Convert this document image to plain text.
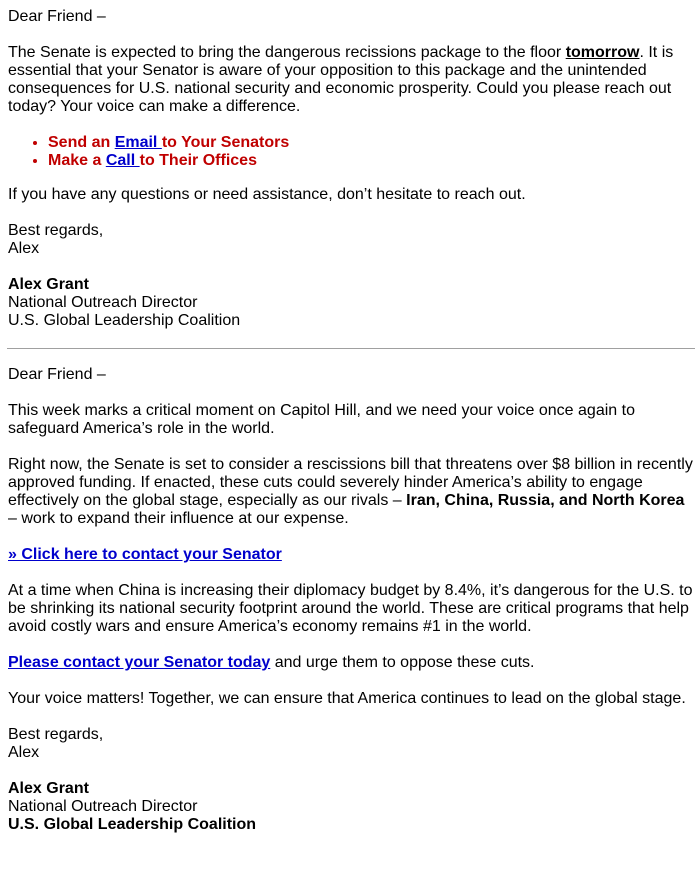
Dear Friend –

The Senate is expected to bring the dangerous recissions package to the floor tomorrow. It is essential that your Senator is aware of your opposition to this package and the unintended consequences for U.S. national security and economic prosperity. Could you please reach out today? Your voice can make a difference.

• Send an Email to Your Senators
• Make a Call to Their Offices

If you have any questions or need assistance, don’t hesitate to reach out.

Best regards,
Alex

Alex Grant
National Outreach Director
U.S. Global Leadership Coalition

Dear Friend –

This week marks a critical moment on Capitol Hill, and we need your voice once again to safeguard America’s role in the world.

Right now, the Senate is set to consider a rescissions bill that threatens over $8 billion in recently approved funding. If enacted, these cuts could severely hinder America’s ability to engage effectively on the global stage, especially as our rivals – Iran, China, Russia, and North Korea – work to expand their influence at our expense.

» Click here to contact your Senator

At a time when China is increasing their diplomacy budget by 8.4%, it’s dangerous for the U.S. to be shrinking its national security footprint around the world. These are critical programs that help avoid costly wars and ensure America’s economy remains #1 in the world.

Please contact your Senator today and urge them to oppose these cuts.

Your voice matters! Together, we can ensure that America continues to lead on the global stage.

Best regards,
Alex

Alex Grant
National Outreach Director
U.S. Global Leadership Coalition
